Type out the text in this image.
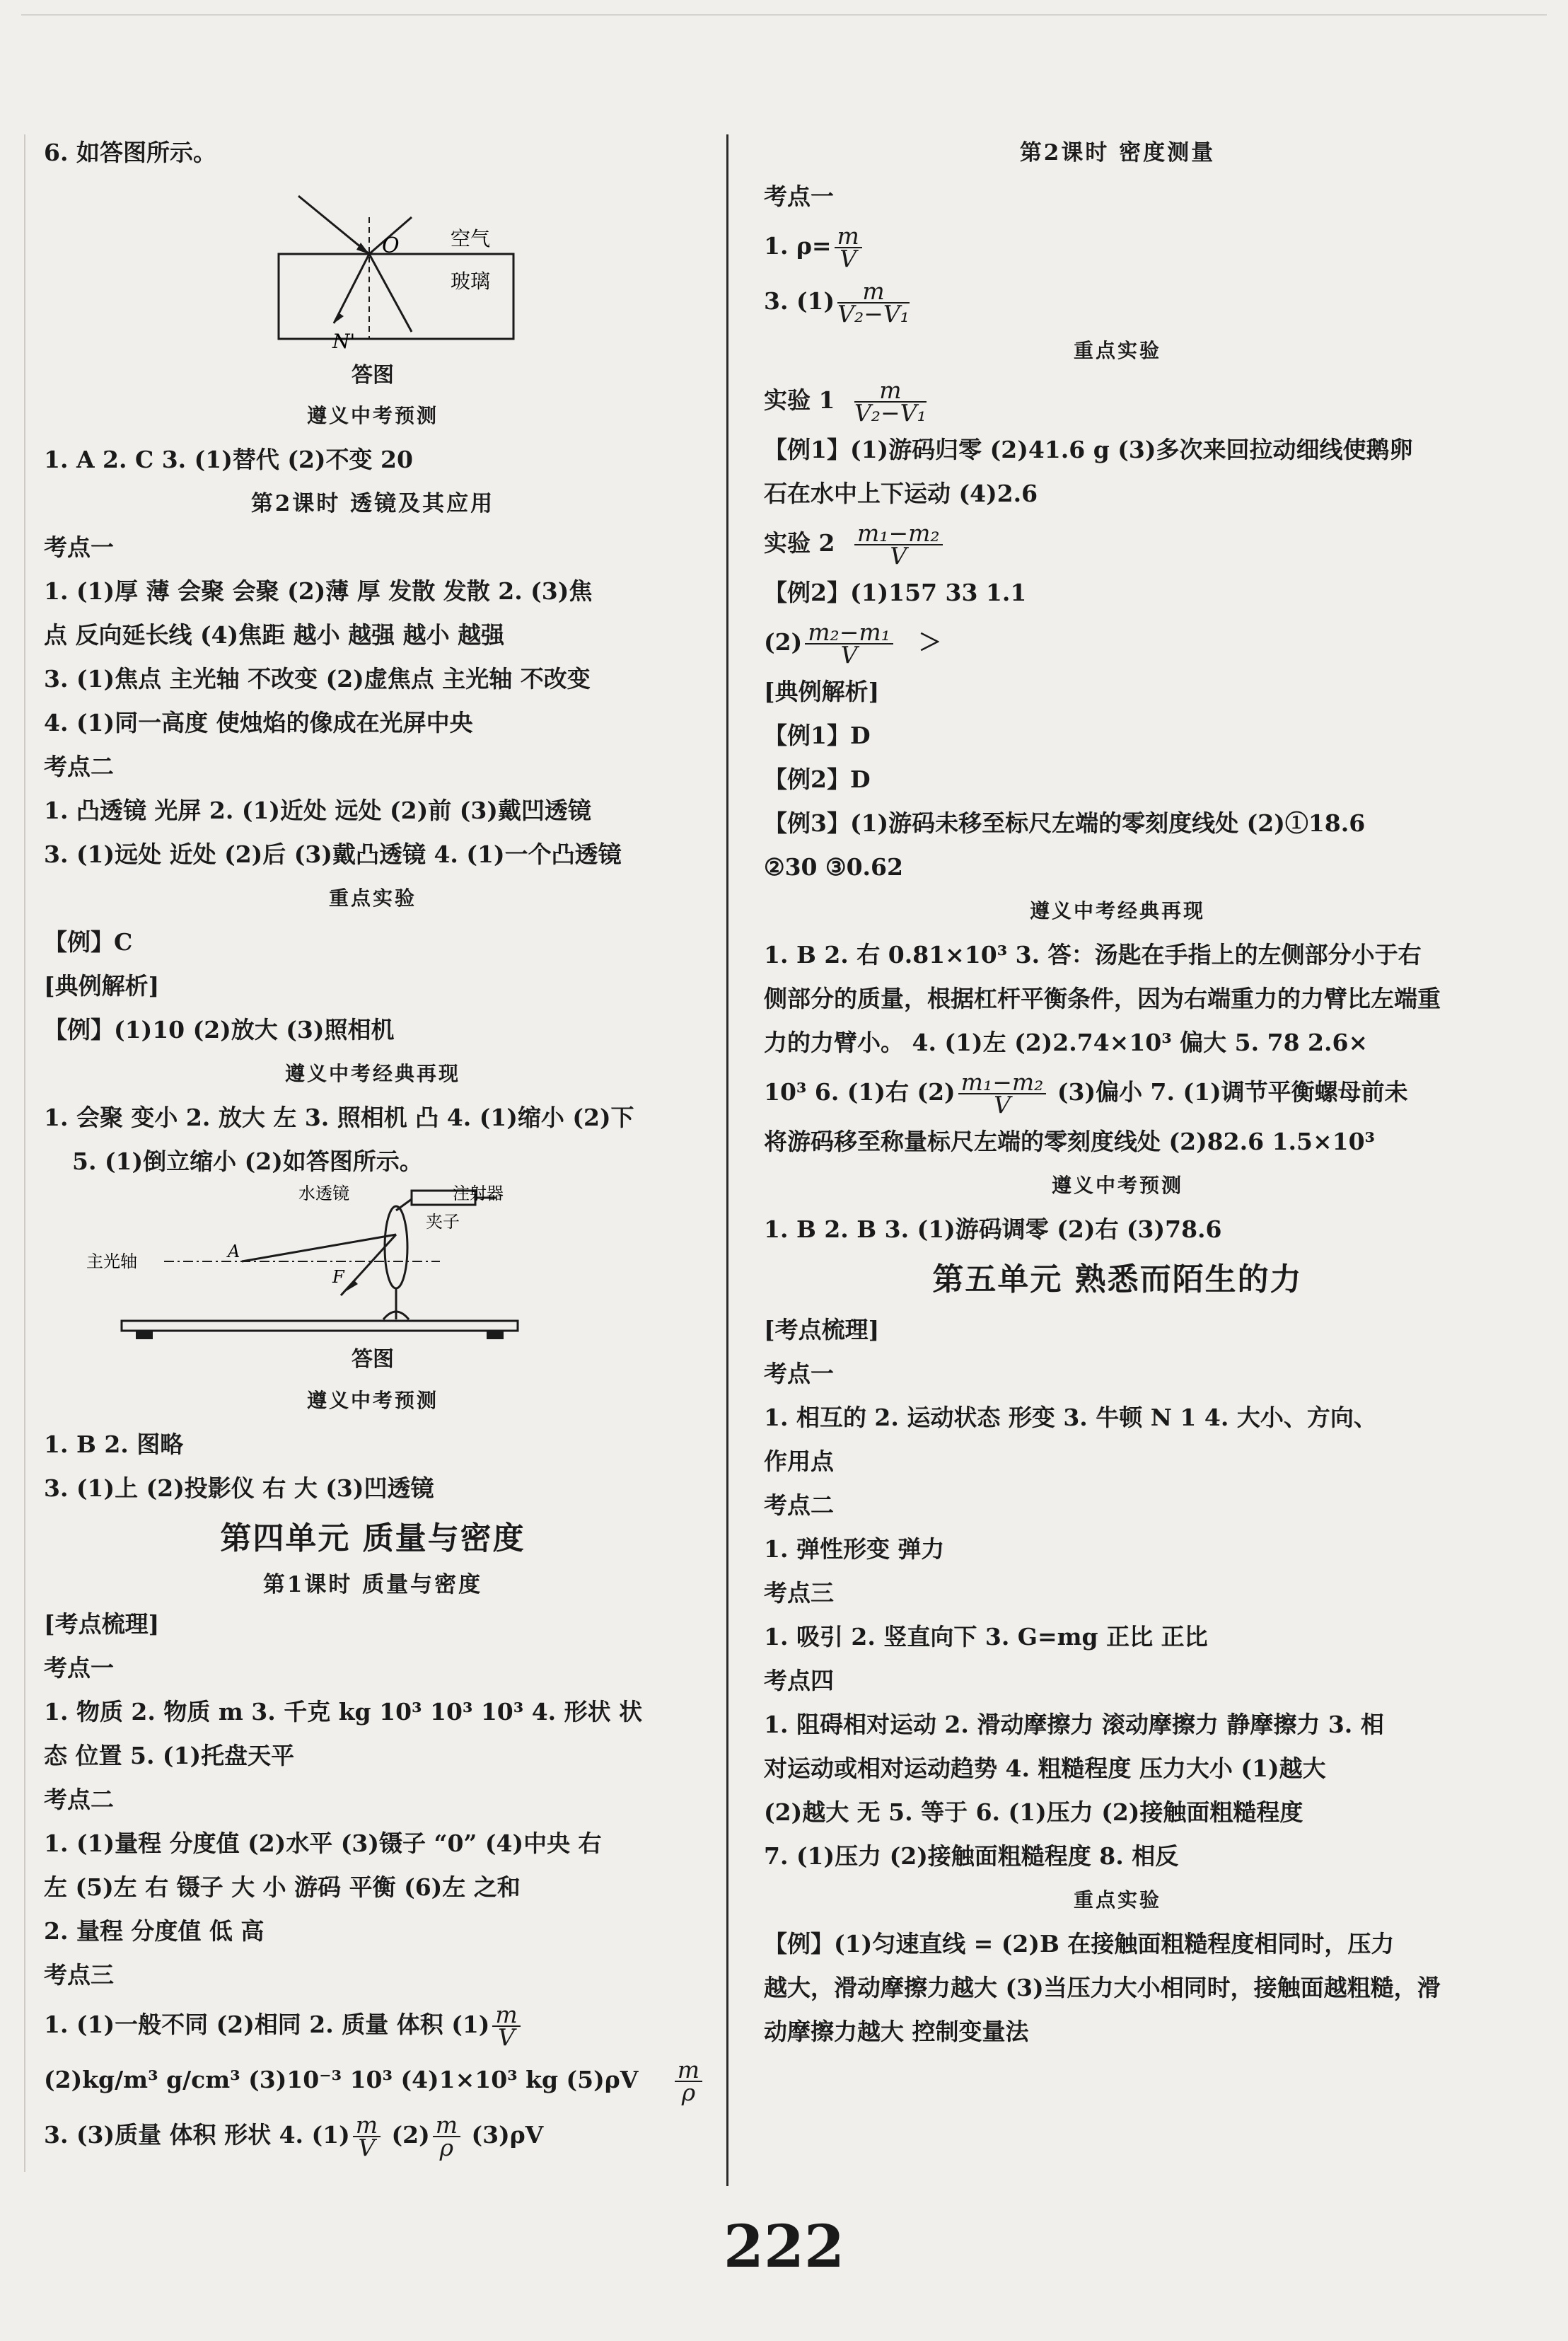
6. 如答图所示。
O	空气
玻璃
N'
答图
遵义中考预测
1. A 2. C 3. (1)替代 (2)不变 20
第2课时 透镜及其应用
考点一
1. (1)厚 薄 会聚 会聚 (2)薄 厚 发散 发散 2. (3)焦
点 反向延长线 (4)焦距 越小 越强 越小 越强
3. (1)焦点 主光轴 不改变 (2)虚焦点 主光轴 不改变
4. (1)同一高度 使烛焰的像成在光屏中央
考点二
1. 凸透镜 光屏 2. (1)近处 远处 (2)前 (3)戴凹透镜
3. (1)远处 近处 (2)后 (3)戴凸透镜 4. (1)一个凸透镜
重点实验
【例】C
[典例解析]
【例】(1)10 (2)放大 (3)照相机
遵义中考经典再现
1. 会聚 变小 2. 放大 左 3. 照相机 凸 4. (1)缩小 (2)下
5. (1)倒立缩小 (2)如答图所示。
水透镜	注射器
夹子
主光轴	A
F
答图
遵义中考预测
1. B 2. 图略
3. (1)上 (2)投影仪 右 大 (3)凹透镜
第四单元 质量与密度
第1课时 质量与密度
[考点梳理]
考点一
1. 物质 2. 物质 m 3. 千克 kg 10³ 10³ 10³ 4. 形状 状
态 位置 5. (1)托盘天平
考点二
1. (1)量程 分度值 (2)水平 (3)镊子 “0” (4)中央 右
左 (5)左 右 镊子 大 小 游码 平衡 (6)左 之和
2. 量程 分度值 低 高
考点三
1. (1)一般不同 (2)相同 2. 质量 体积 $(1) \frac{m}{V}$
(2)kg/m³ g/cm³ (3)10⁻³ 10³ (4)1×10³ kg $(5)\rho V \frac{m}{\rho}$
3. (3)质量 体积 形状 4. $(1) \frac{m}{V} (2) \frac{m}{\rho} (3)\rho V$
第2课时 密度测量
考点一
1. $\rho= \frac{m}{V}$
3. $(1) \frac{m}{\text{V₂−V₁}}$
重点实验
实验 $1 \frac{m}{\text{V₂−V₁}}$
【例1】(1)游码归零 (2)41.6 g (3)多次来回拉动细线使鹅卵
石在水中上下运动 (4)2.6
实验 $2 \frac{\text{m₁−m₂}}{V}$
【例2】(1)157 33 1.1
$(2) \frac{\text{m₂−m₁}}{V}$ ＞
[典例解析]
【例1】D
【例2】D
【例3】(1)游码未移至标尺左端的零刻度线处 (2)①18.6
②30 ③0.62
遵义中考经典再现
1. B 2. 右 0.81×10³ 3. 答：汤匙在手指上的左侧部分小于右
侧部分的质量，根据杠杆平衡条件，因为右端重力的力臂比左端重
力的力臂小。 4. (1)左 (2)2.74×10³ 偏大 5. 78 2.6×
10³ 6. (1)右 $(2) \frac{\text{m₁−m₂}}{V} (3)$偏小 7. (1)调节平衡螺母前未
将游码移至称量标尺左端的零刻度线处 (2)82.6 1.5×10³
遵义中考预测
1. B 2. B 3. (1)游码调零 (2)右 (3)78.6
第五单元 熟悉而陌生的力
[考点梳理]
考点一
1. 相互的 2. 运动状态 形变 3. 牛顿 N 1 4. 大小、方向、
作用点
考点二
1. 弹性形变 弹力
考点三
1. 吸引 2. 竖直向下 3. G=mg 正比 正比
考点四
1. 阻碍相对运动 2. 滑动摩擦力 滚动摩擦力 静摩擦力 3. 相
对运动或相对运动趋势 4. 粗糙程度 压力大小 (1)越大
(2)越大 无 5. 等于 6. (1)压力 (2)接触面粗糙程度
7. (1)压力 (2)接触面粗糙程度 8. 相反
重点实验
【例】(1)匀速直线 = (2)B 在接触面粗糙程度相同时，压力
越大，滑动摩擦力越大 (3)当压力大小相同时，接触面越粗糙，滑
动摩擦力越大 控制变量法
222
